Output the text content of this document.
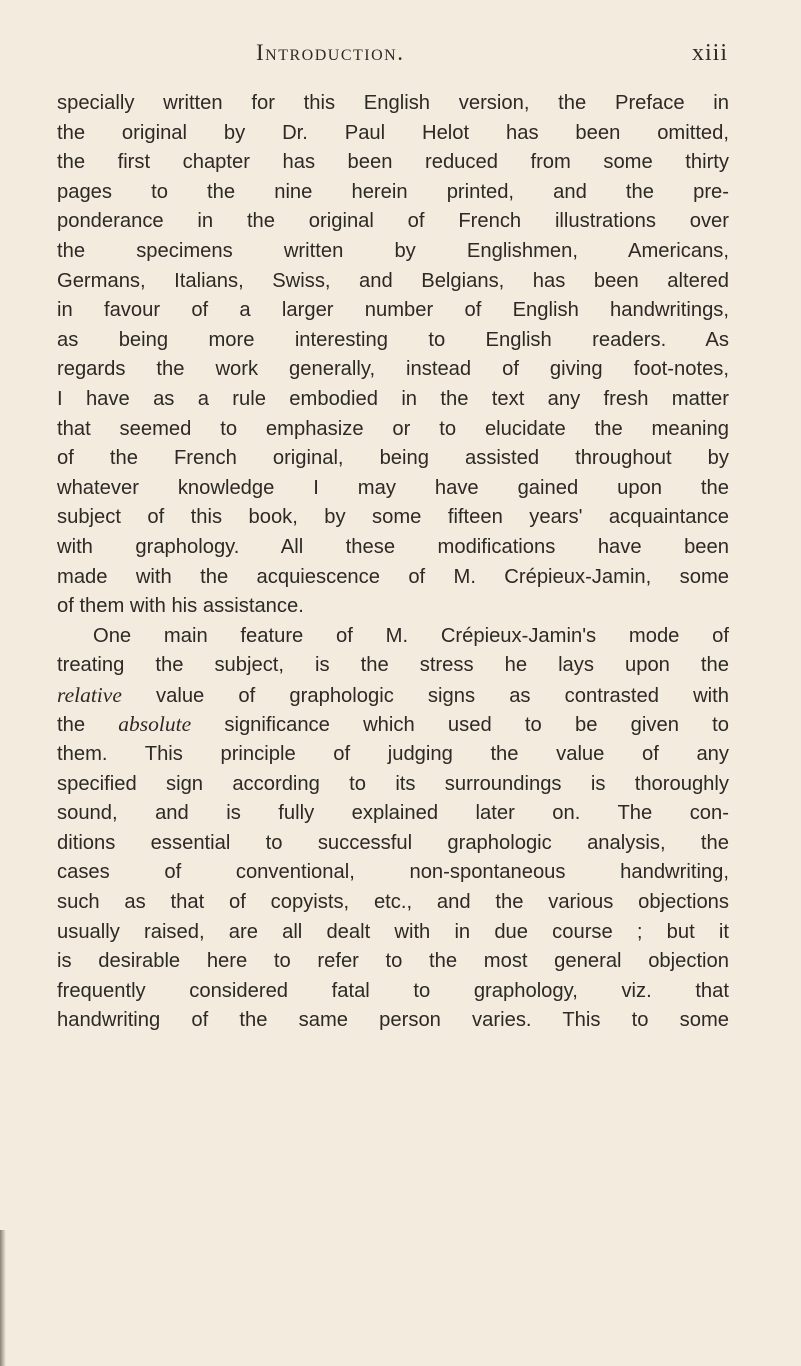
Introduction.	xiii
specially written for this English version, the Preface in
the original by Dr. Paul Helot has been omitted,
the first chapter has been reduced from some thirty
pages to the nine herein printed, and the pre-
ponderance in the original of French illustrations over
the specimens written by Englishmen, Americans,
Germans, Italians, Swiss, and Belgians, has been altered
in favour of a larger number of English handwritings,
as being more interesting to English readers. As
regards the work generally, instead of giving foot-notes,
I have as a rule embodied in the text any fresh matter
that seemed to emphasize or to elucidate the meaning
of the French original, being assisted throughout by
whatever knowledge I may have gained upon the
subject of this book, by some fifteen years' acquaintance
with graphology. All these modifications have been
made with the acquiescence of M. Crépieux-Jamin, some
of them with his assistance.
One main feature of M. Crépieux-Jamin's mode of
treating the subject, is the stress he lays upon the
relative value of graphologic signs as contrasted with
the absolute significance which used to be given to
them. This principle of judging the value of any
specified sign according to its surroundings is thoroughly
sound, and is fully explained later on. The con-
ditions essential to successful graphologic analysis, the
cases of conventional, non-spontaneous handwriting,
such as that of copyists, etc., and the various objections
usually raised, are all dealt with in due course ; but it
is desirable here to refer to the most general objection
frequently considered fatal to graphology, viz. that
handwriting of the same person varies. This to some
